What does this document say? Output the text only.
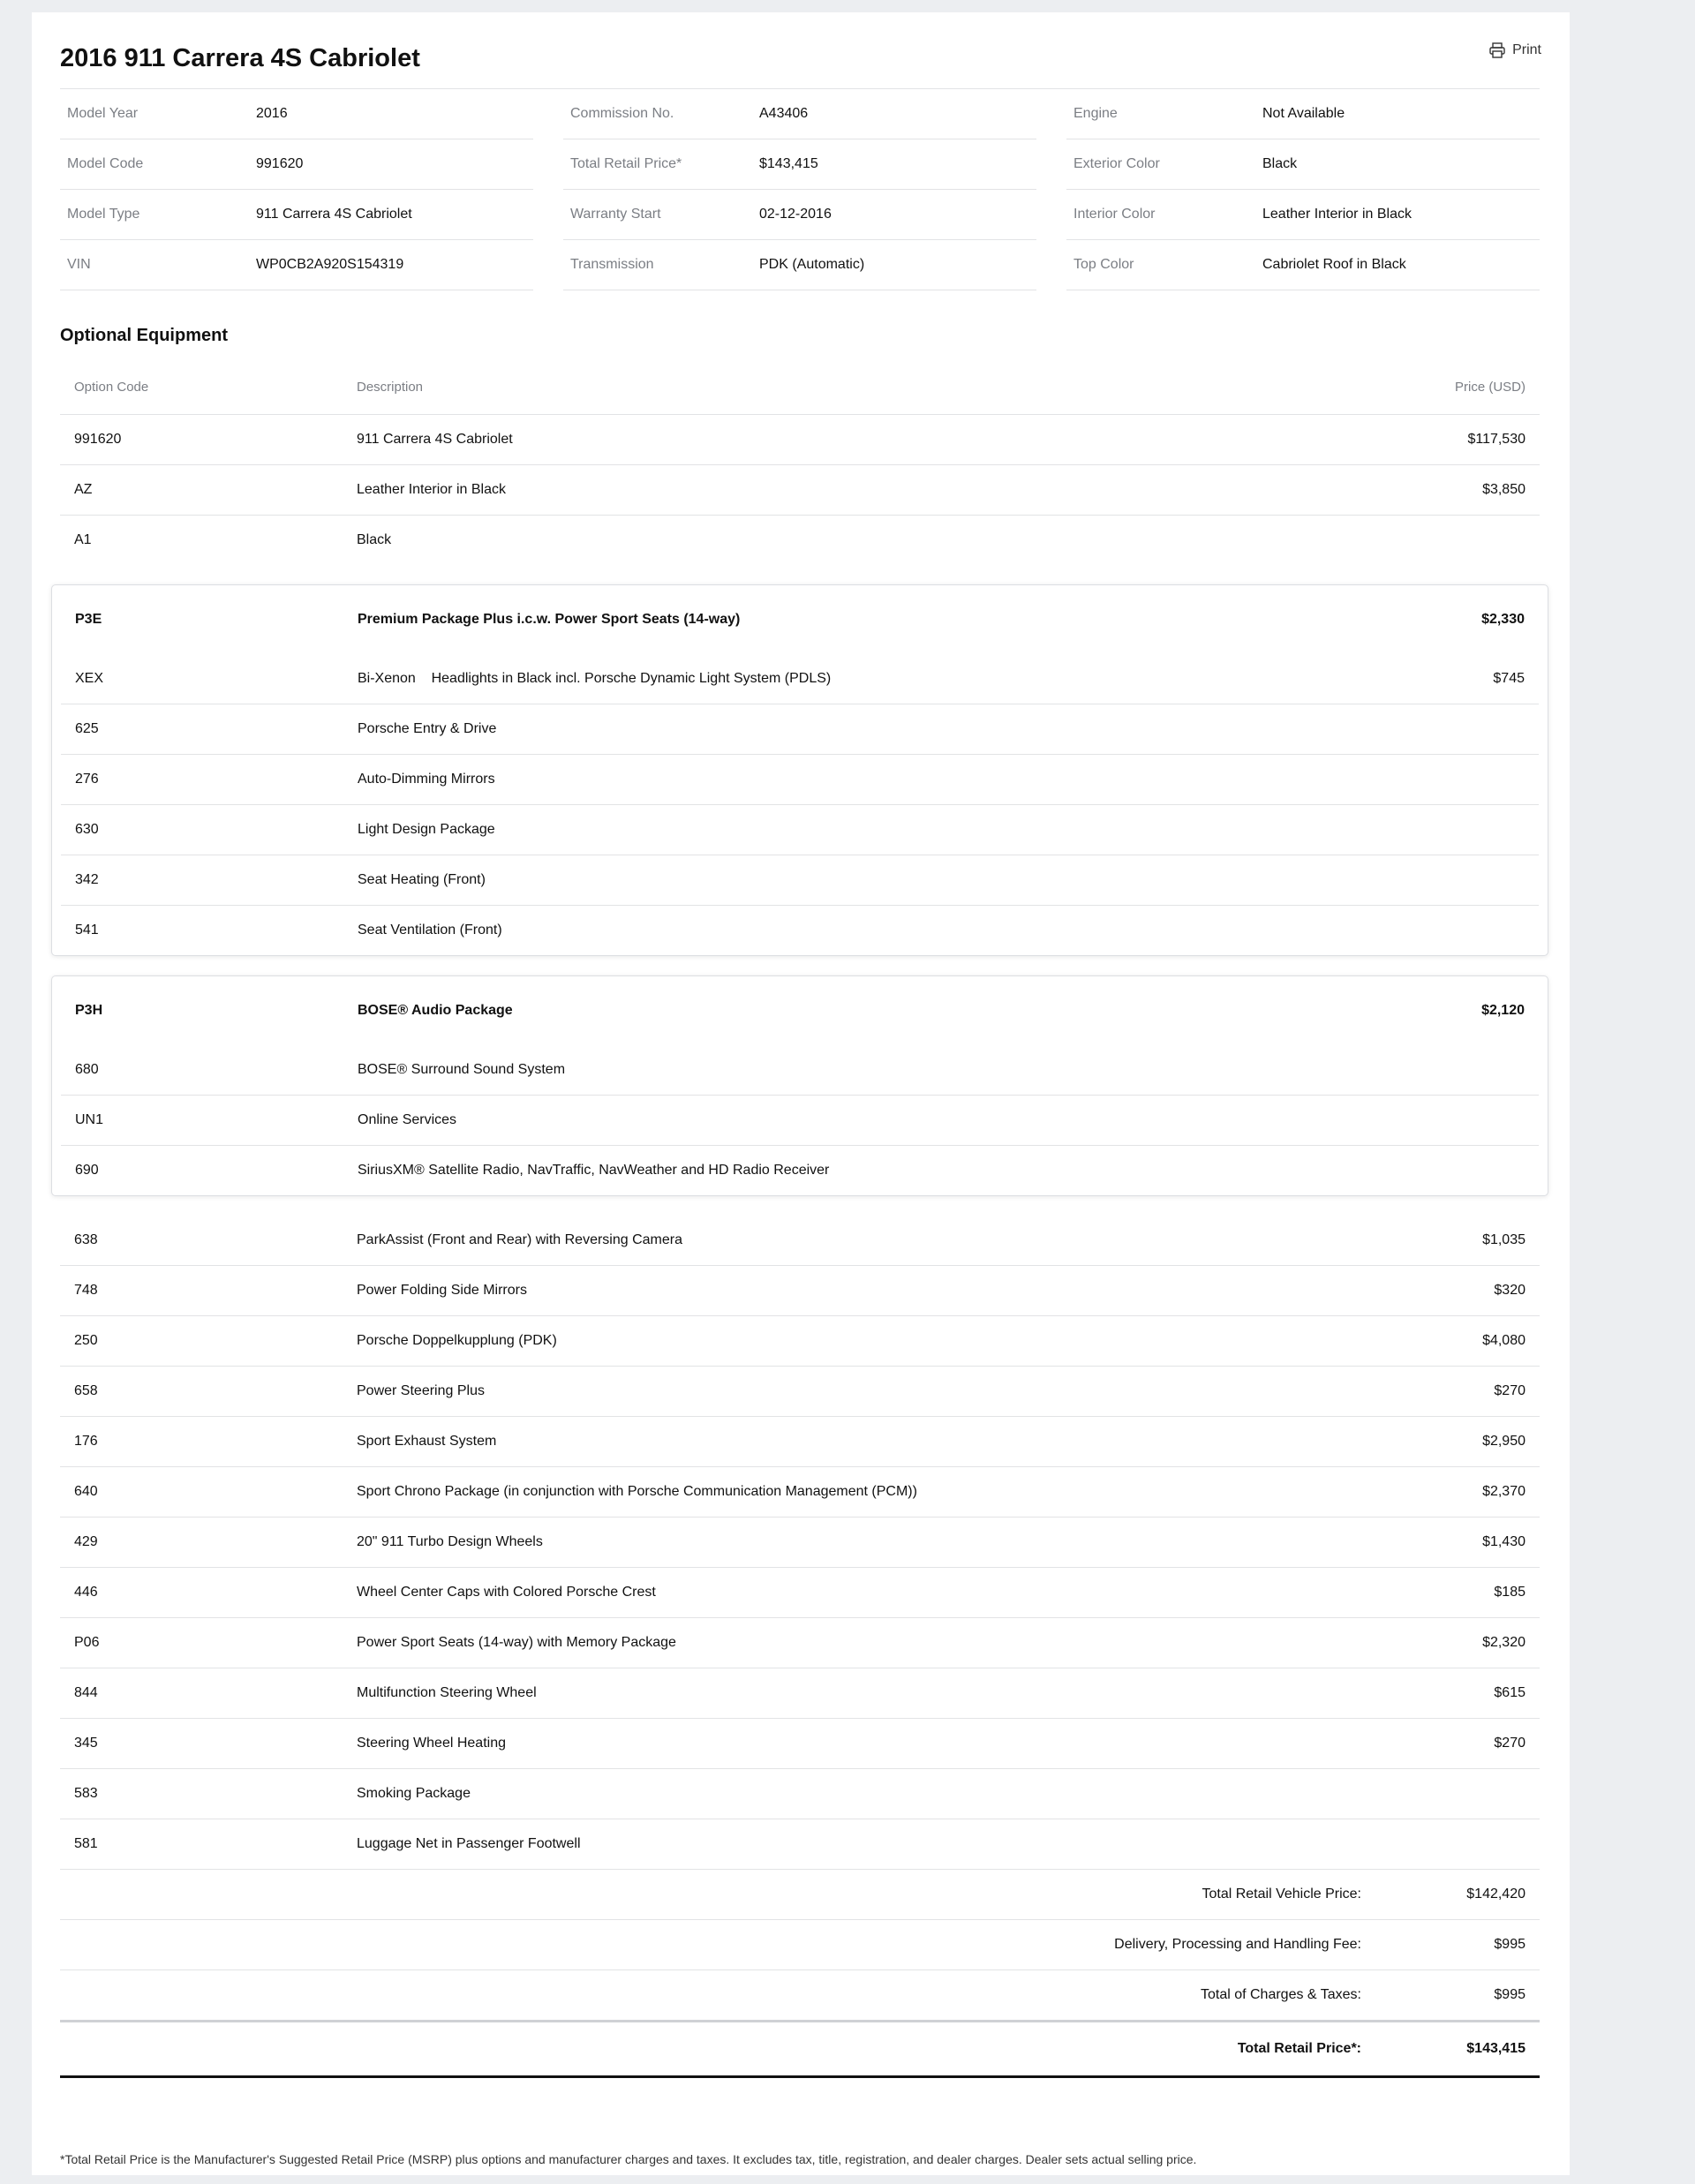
2016 911 Carrera 4S Cabriolet	Print
Model Year	2016
Model Code	991620
Model Type	911 Carrera 4S Cabriolet
VIN	WP0CB2A920S154319
Commission No.	A43406
Total Retail Price*	$143,415
Warranty Start	02-12-2016
Transmission	PDK (Automatic)
Engine	Not Available
Exterior Color	Black
Interior Color	Leather Interior in Black
Top Color	Cabriolet Roof in Black
Optional Equipment
Option Code	Description	Price (USD)
991620	911 Carrera 4S Cabriolet	$117,530
AZ	Leather Interior in Black	$3,850
A1	Black
P3E	Premium Package Plus i.c.w. Power Sport Seats (14-way)	$2,330
XEX	Bi-Xenon    Headlights in Black incl. Porsche Dynamic Light System (PDLS)	$745
625	Porsche Entry & Drive
276	Auto-Dimming Mirrors
630	Light Design Package
342	Seat Heating (Front)
541	Seat Ventilation (Front)
P3H	BOSE® Audio Package	$2,120
680	BOSE® Surround Sound System
UN1	Online Services
690	SiriusXM® Satellite Radio, NavTraffic, NavWeather and HD Radio Receiver
638	ParkAssist (Front and Rear) with Reversing Camera	$1,035
748	Power Folding Side Mirrors	$320
250	Porsche Doppelkupplung (PDK)	$4,080
658	Power Steering Plus	$270
176	Sport Exhaust System	$2,950
640	Sport Chrono Package (in conjunction with Porsche Communication Management (PCM))	$2,370
429	20" 911 Turbo Design Wheels	$1,430
446	Wheel Center Caps with Colored Porsche Crest	$185
P06	Power Sport Seats (14-way) with Memory Package	$2,320
844	Multifunction Steering Wheel	$615
345	Steering Wheel Heating	$270
583	Smoking Package
581	Luggage Net in Passenger Footwell
Total Retail Vehicle Price:	$142,420
Delivery, Processing and Handling Fee:	$995
Total of Charges & Taxes:	$995
Total Retail Price*:	$143,415

*Total Retail Price is the Manufacturer's Suggested Retail Price (MSRP) plus options and manufacturer charges and taxes. It excludes tax, title, registration, and dealer charges. Dealer sets actual selling price.
